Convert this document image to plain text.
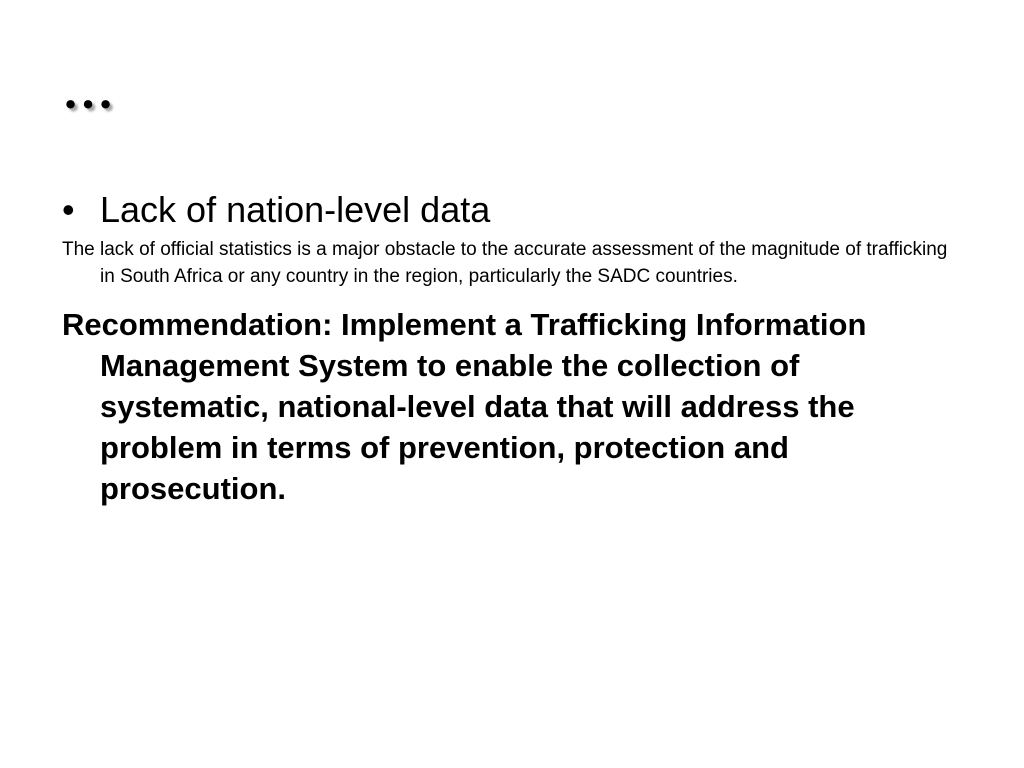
…
• Lack of nation-level data

The lack of official statistics is a major obstacle to the accurate assessment of the magnitude of trafficking in South Africa or any country in the region, particularly the SADC countries.

Recommendation: Implement a Trafficking Information Management System to enable the collection of systematic, national-level data that will address the problem in terms of prevention, protection and prosecution.
